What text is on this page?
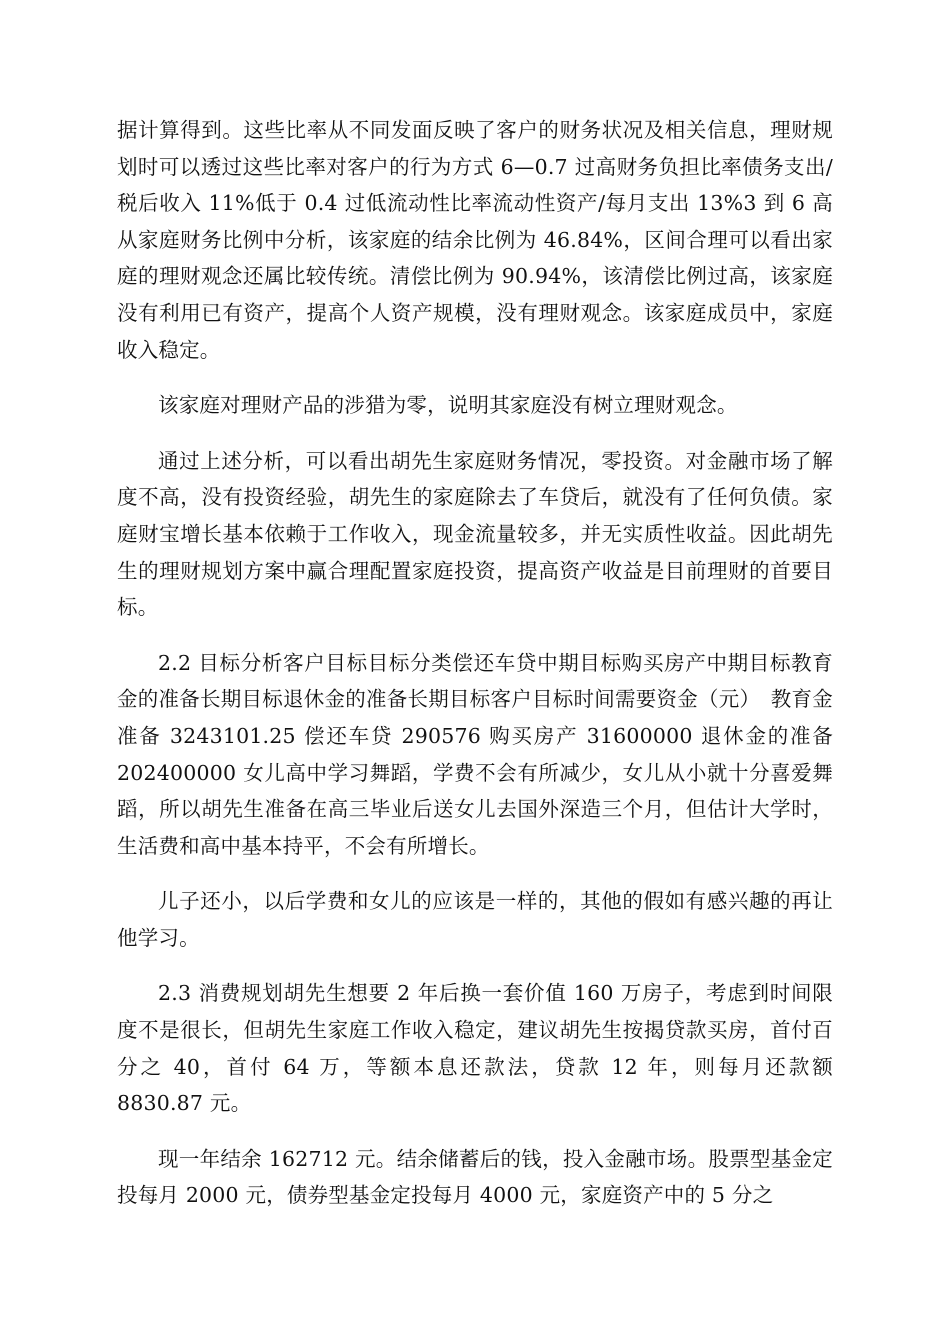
据计算得到。这些比率从不同发面反映了客户的财务状况及相关信息，理财规划时可以透过这些比率对客户的行为方式 6—0.7 过高财务负担比率债务支出/税后收入 11%低于 0.4 过低流动性比率流动性资产/每月支出 13%3 到 6 高从家庭财务比例中分析，该家庭的结余比例为 46.84%，区间合理可以看出家庭的理财观念还属比较传统。清偿比例为 90.94%，该清偿比例过高，该家庭没有利用已有资产，提高个人资产规模，没有理财观念。该家庭成员中，家庭收入稳定。

该家庭对理财产品的涉猎为零，说明其家庭没有树立理财观念。

通过上述分析，可以看出胡先生家庭财务情况，零投资。对金融市场了解度不高，没有投资经验，胡先生的家庭除去了车贷后，就没有了任何负债。家庭财宝增长基本依赖于工作收入，现金流量较多，并无实质性收益。因此胡先生的理财规划方案中赢合理配置家庭投资，提高资产收益是目前理财的首要目标。

2.2 目标分析客户目标目标分类偿还车贷中期目标购买房产中期目标教育金的准备长期目标退休金的准备长期目标客户目标时间需要资金（元）　教育金准备 3243101.25 偿还车贷 290576 购买房产 31600000 退休金的准备 202400000 女儿高中学习舞蹈，学费不会有所减少，女儿从小就十分喜爱舞蹈，所以胡先生准备在高三毕业后送女儿去国外深造三个月，但估计大学时，生活费和高中基本持平，不会有所增长。

儿子还小，以后学费和女儿的应该是一样的，其他的假如有感兴趣的再让他学习。

2.3 消费规划胡先生想要 2 年后换一套价值 160 万房子，考虑到时间限度不是很长，但胡先生家庭工作收入稳定，建议胡先生按揭贷款买房，首付百分之 40，首付 64 万，等额本息还款法，贷款 12 年，则每月还款额 8830.87 元。

现一年结余 162712 元。结余储蓄后的钱，投入金融市场。股票型基金定投每月 2000 元，债券型基金定投每月 4000 元，家庭资产中的 5 分之
